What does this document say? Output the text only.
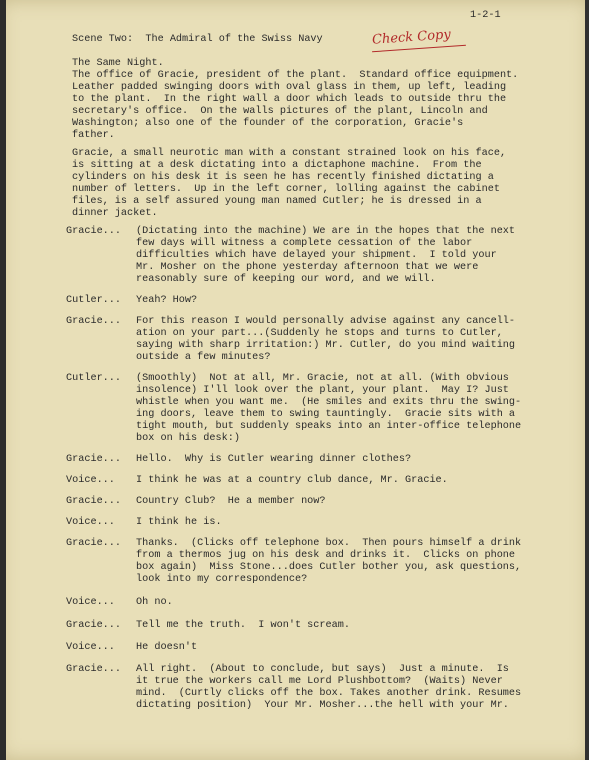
1-2-1
Scene Two:  The Admiral of the Swiss Navy	Check Copy
The Same Night.
The office of Gracie, president of the plant.  Standard office equipment.
Leather padded swinging doors with oval glass in them, up left, leading
to the plant.  In the right wall a door which leads to outside thru the
secretary's office.  On the walls pictures of the plant, Lincoln and
Washington; also one of the founder of the corporation, Gracie's
father.
Gracie, a small neurotic man with a constant strained look on his face,
is sitting at a desk dictating into a dictaphone machine.  From the
cylinders on his desk it is seen he has recently finished dictating a
number of letters.  Up in the left corner, lolling against the cabinet
files, is a self assured young man named Cutler; he is dressed in a
dinner jacket.
Gracie... (Dictating into the machine) We are in the hopes that the next
few days will witness a complete cessation of the labor
difficulties which have delayed your shipment.  I told your
Mr. Mosher on the phone yesterday afternoon that we were
reasonably sure of keeping our word, and we will.
Cutler... Yeah? How?
Gracie... For this reason I would personally advise against any cancell-
ation on your part...(Suddenly he stops and turns to Cutler,
saying with sharp irritation:) Mr. Cutler, do you mind waiting
outside a few minutes?
Cutler... (Smoothly)  Not at all, Mr. Gracie, not at all. (With obvious
insolence) I'll look over the plant, your plant.  May I? Just
whistle when you want me.  (He smiles and exits thru the swing-
ing doors, leave them to swing tauntingly.  Gracie sits with a
tight mouth, but suddenly speaks into an inter-office telephone
box on his desk:)
Gracie... Hello.  Why is Cutler wearing dinner clothes?
Voice... I think he was at a country club dance, Mr. Gracie.
Gracie... Country Club?  He a member now?
Voice... I think he is.
Gracie... Thanks.  (Clicks off telephone box.  Then pours himself a drink
from a thermos jug on his desk and drinks it.  Clicks on phone
box again)  Miss Stone...does Cutler bother you, ask questions,
look into my correspondence?
Voice... Oh no.
Gracie... Tell me the truth.  I won't scream.
Voice... He doesn't
Gracie... All right.  (About to conclude, but says)  Just a minute.  Is
it true the workers call me Lord Plushbottom?  (Waits) Never
mind.  (Curtly clicks off the box. Takes another drink. Resumes
dictating position)  Your Mr. Mosher...the hell with your Mr.
